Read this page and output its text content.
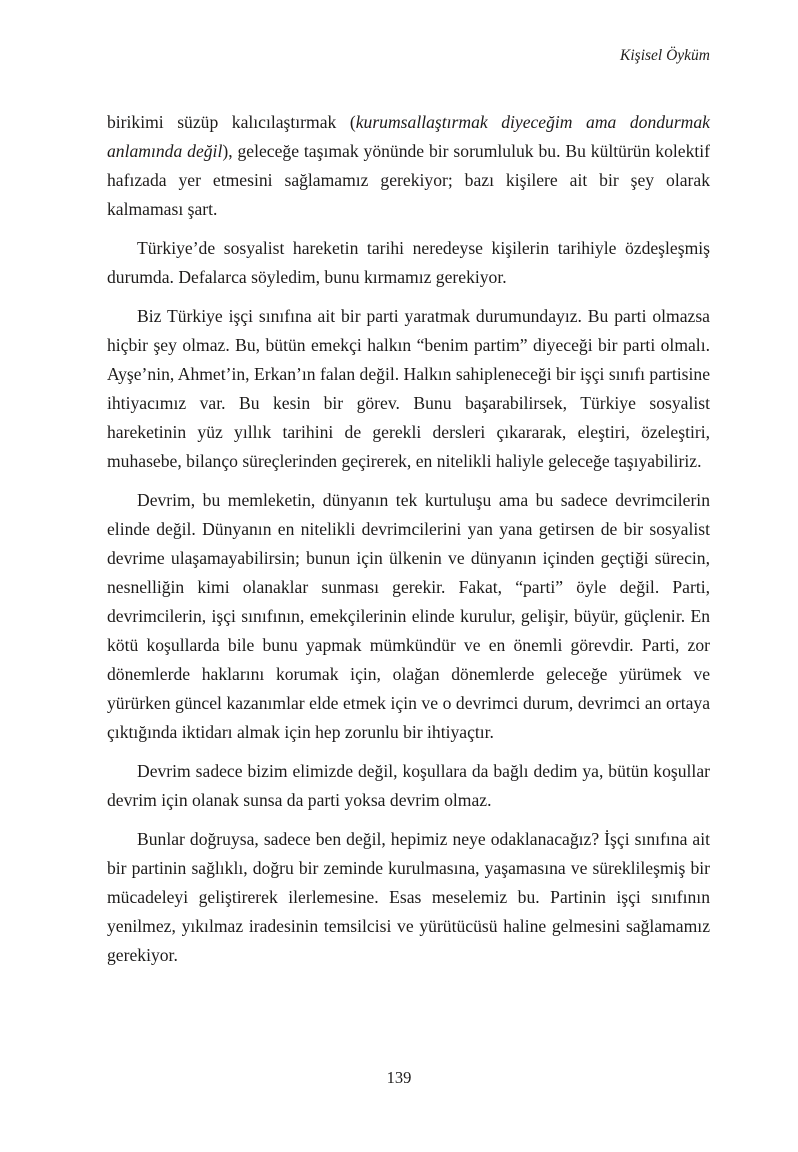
Kişisel Öyküm

birikimi süzüp kalıcılaştırmak (kurumsallaştırmak diyeceğim ama dondurmak anlamında değil), geleceğe taşımak yönünde bir sorumluluk bu. Bu kültürün kolektif hafızada yer etmesini sağlamamız gerekiyor; bazı kişilere ait bir şey olarak kalmaması şart.

Türkiye’de sosyalist hareketin tarihi neredeyse kişilerin tarihiyle özdeşleşmiş durumda. Defalarca söyledim, bunu kırmamız gerekiyor.

Biz Türkiye işçi sınıfına ait bir parti yaratmak durumundayız. Bu parti olmazsa hiçbir şey olmaz. Bu, bütün emekçi halkın “benim partim” diyeceği bir parti olmalı. Ayşe’nin, Ahmet’in, Erkan’ın falan değil. Halkın sahipleneceği bir işçi sınıfı partisine ihtiyacımız var. Bu kesin bir görev. Bunu başarabilirsek, Türkiye sosyalist hareketinin yüz yıllık tarihini de gerekli dersleri çıkararak, eleştiri, özeleştiri, muhasebe, bilanço süreçlerinden geçirerek, en nitelikli haliyle geleceğe taşıyabiliriz.

Devrim, bu memleketin, dünyanın tek kurtuluşu ama bu sadece devrimcilerin elinde değil. Dünyanın en nitelikli devrimcilerini yan yana getirsen de bir sosyalist devrime ulaşamayabilirsin; bunun için ülkenin ve dünyanın içinden geçtiği sürecin, nesnelliğin kimi olanaklar sunması gerekir. Fakat, “parti” öyle değil. Parti, devrimcilerin, işçi sınıfının, emekçilerinin elinde kurulur, gelişir, büyür, güçlenir. En kötü koşullarda bile bunu yapmak mümkündür ve en önemli görevdir. Parti, zor dönemlerde haklarını korumak için, olağan dönemlerde geleceğe yürümek ve yürürken güncel kazanımlar elde etmek için ve o devrimci durum, devrimci an ortaya çıktığında iktidarı almak için hep zorunlu bir ihtiyaçtır.

Devrim sadece bizim elimizde değil, koşullara da bağlı dedim ya, bütün koşullar devrim için olanak sunsa da parti yoksa devrim olmaz.

Bunlar doğruysa, sadece ben değil, hepimiz neye odaklanacağız? İşçi sınıfına ait bir partinin sağlıklı, doğru bir zeminde kurulmasına, yaşamasına ve süreklileşmiş bir mücadeleyi geliştirerek ilerlemesine. Esas meselemiz bu. Partinin işçi sınıfının yenilmez, yıkılmaz iradesinin temsilcisi ve yürütücüsü haline gelmesini sağlamamız gerekiyor.

139
